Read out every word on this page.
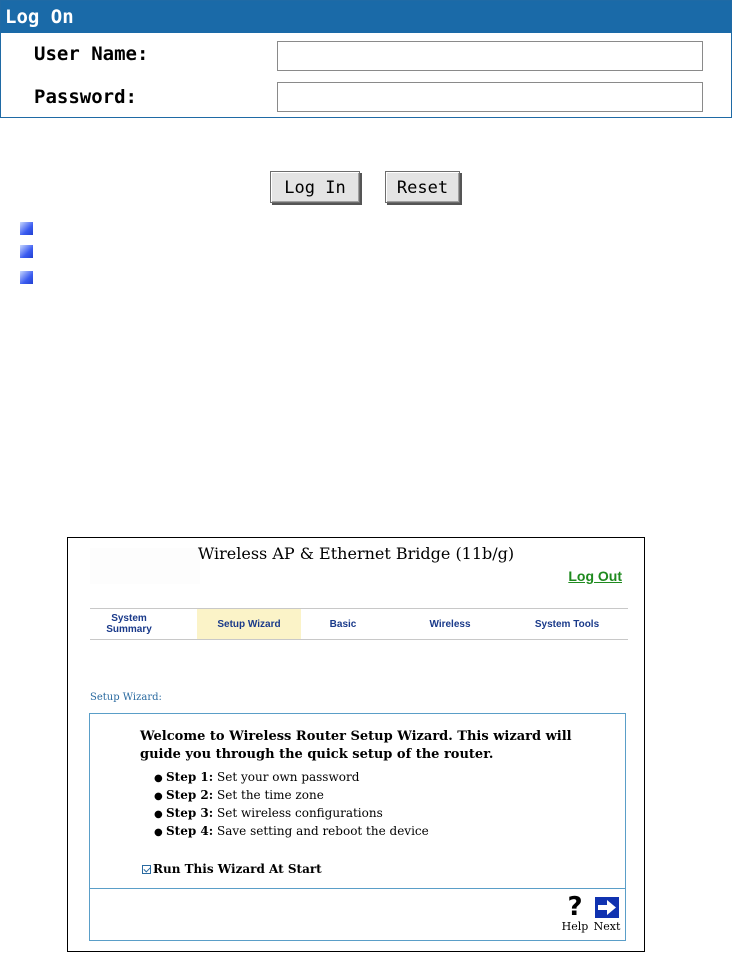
Log On
User Name:
Password:
Log In	Reset
Wireless AP & Ethernet Bridge (11b/g)
Log Out
System Summary	Setup Wizard	Basic	Wireless	System Tools
Setup Wizard:
Welcome to Wireless Router Setup Wizard. This wizard will guide you through the quick setup of the router.
● Step 1: Set your own password
● Step 2: Set the time zone
● Step 3: Set wireless configurations
● Step 4: Save setting and reboot the device
Run This Wizard At Start
?
Help Next
